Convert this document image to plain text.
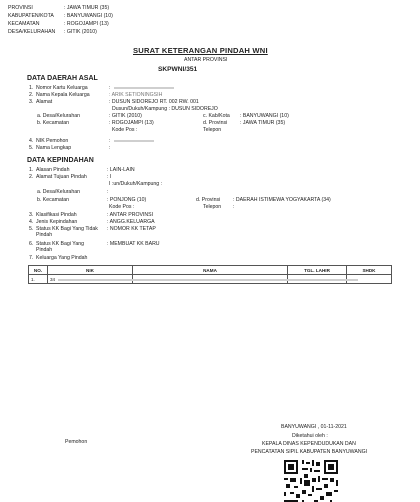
PROVINSI	: JAWA TIMUR (35)
KABUPATEN/KOTA : BANYUWANGI (10)
KECAMATAN	: ROGOJAMPI (13)
DESA/KELURAHAN : GITIK (2010)
SURAT KETERANGAN PINDAH WNI
ANTAR PROVINSI
SKPWNI/351
DATA DAERAH ASAL
1. Nomor Kartu Keluarga	:
2. Nama Kepala Keluarga	: ARIK SETIONINGSIH
3. Alamat	: DUSUN SIDOREJO RT. 002 RW. 001
Dusun/Dukuh/Kampung : DUSUN SIDOREJO
a. Desa/Kelurahan	: GITIK (2010)	c. Kab/Kota : BANYUWANGI (10)
b. Kecamatan	: ROGOJAMPI (13)	d. Provinsi : JAWA TIMUR (35)
Kode Pos :	Telepon
4. NIK Pemohon	:
5. Nama Lengkap	:
DATA KEPINDAHAN
1. Alasan Pindah	: LAIN-LAIN
2. Alamat Tujuan Pindah	: I
I :un/Dukuh/Kampung :
a. Desa/Kelurahan	:
b. Kecamatan	: PONJONG (10)	d. Provinsi : DAERAH ISTIMEWA YOGYAKARTA (34)
Kode Pos :	Telepon :
3. Klasifikasi Pindah	: ANTAR PROVINSI
4. Jenis Kepindahan	: ANGG.KELUARGA
5. Status KK Bagi Yang Tidak : NOMOR KK TETAP
Pindah
6. Status KK Bagi Yang	: MEMBUAT KK BARU
Pindah
7. Keluarga Yang Pindah
NO.	NIK	NAMA	TGL. LAHIR	SHDK
1.	34			
BANYUWANGI , 01-11-2021
Diketahui oleh :
KEPALA DINAS KEPENDUDUKAN DAN
PENCATATAN SIPIL KABUPATEN BANYUWANGI
Pemohon
